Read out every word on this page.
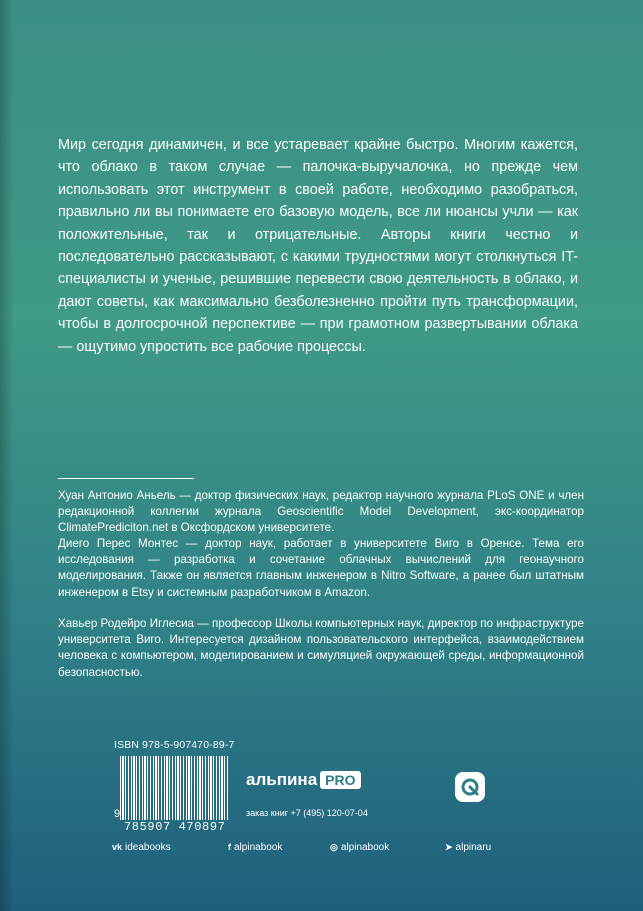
Мир сегодня динамичен, и все устаревает крайне быстро. Многим кажется, что облако в таком случае — палочка-выручалочка, но прежде чем использовать этот инструмент в своей работе, необходимо разобраться, правильно ли вы понимаете его базовую модель, все ли нюансы учли — как положительные, так и отрицательные. Авторы книги честно и последовательно рассказывают, с какими трудностями могут столкнуться IT-специалисты и ученые, решившие перевести свою деятельность в облако, и дают советы, как максимально безболезненно пройти путь трансформации, чтобы в долгосрочной перспективе — при грамотном развертывании облака — ощутимо упростить все рабочие процессы.

Хуан Антонио Аньель — доктор физических наук, редактор научного журнала PLoS ONE и член редакционной коллегии журнала Geoscientific Model Development, экс-координатор ClimatePrediciton.net в Оксфордском университете.

Диего Перес Монтес — доктор наук, работает в университете Виго в Оренсе. Тема его исследования — разработка и сочетание облачных вычислений для геонаучного моделирования. Также он является главным инженером в Nitro Software, а ранее был штатным инженером в Etsy и системным разработчиком в Amazon.

Хавьер Родейро Иглесиа — профессор Школы компьютерных наук, директор по инфраструктуре университета Виго. Интересуется дизайном пользовательского интерфейса, взаимодействием человека с компьютером, моделированием и симуляцией окружающей среды, информационной безопасностью.

ISBN 978-5-907470-89-7
9
785907 470897
альпина PRO
заказ книг +7 (495) 120-07-04
vk ideabooks	f alpinabook	◎ alpinabook	➤ alpinaru
